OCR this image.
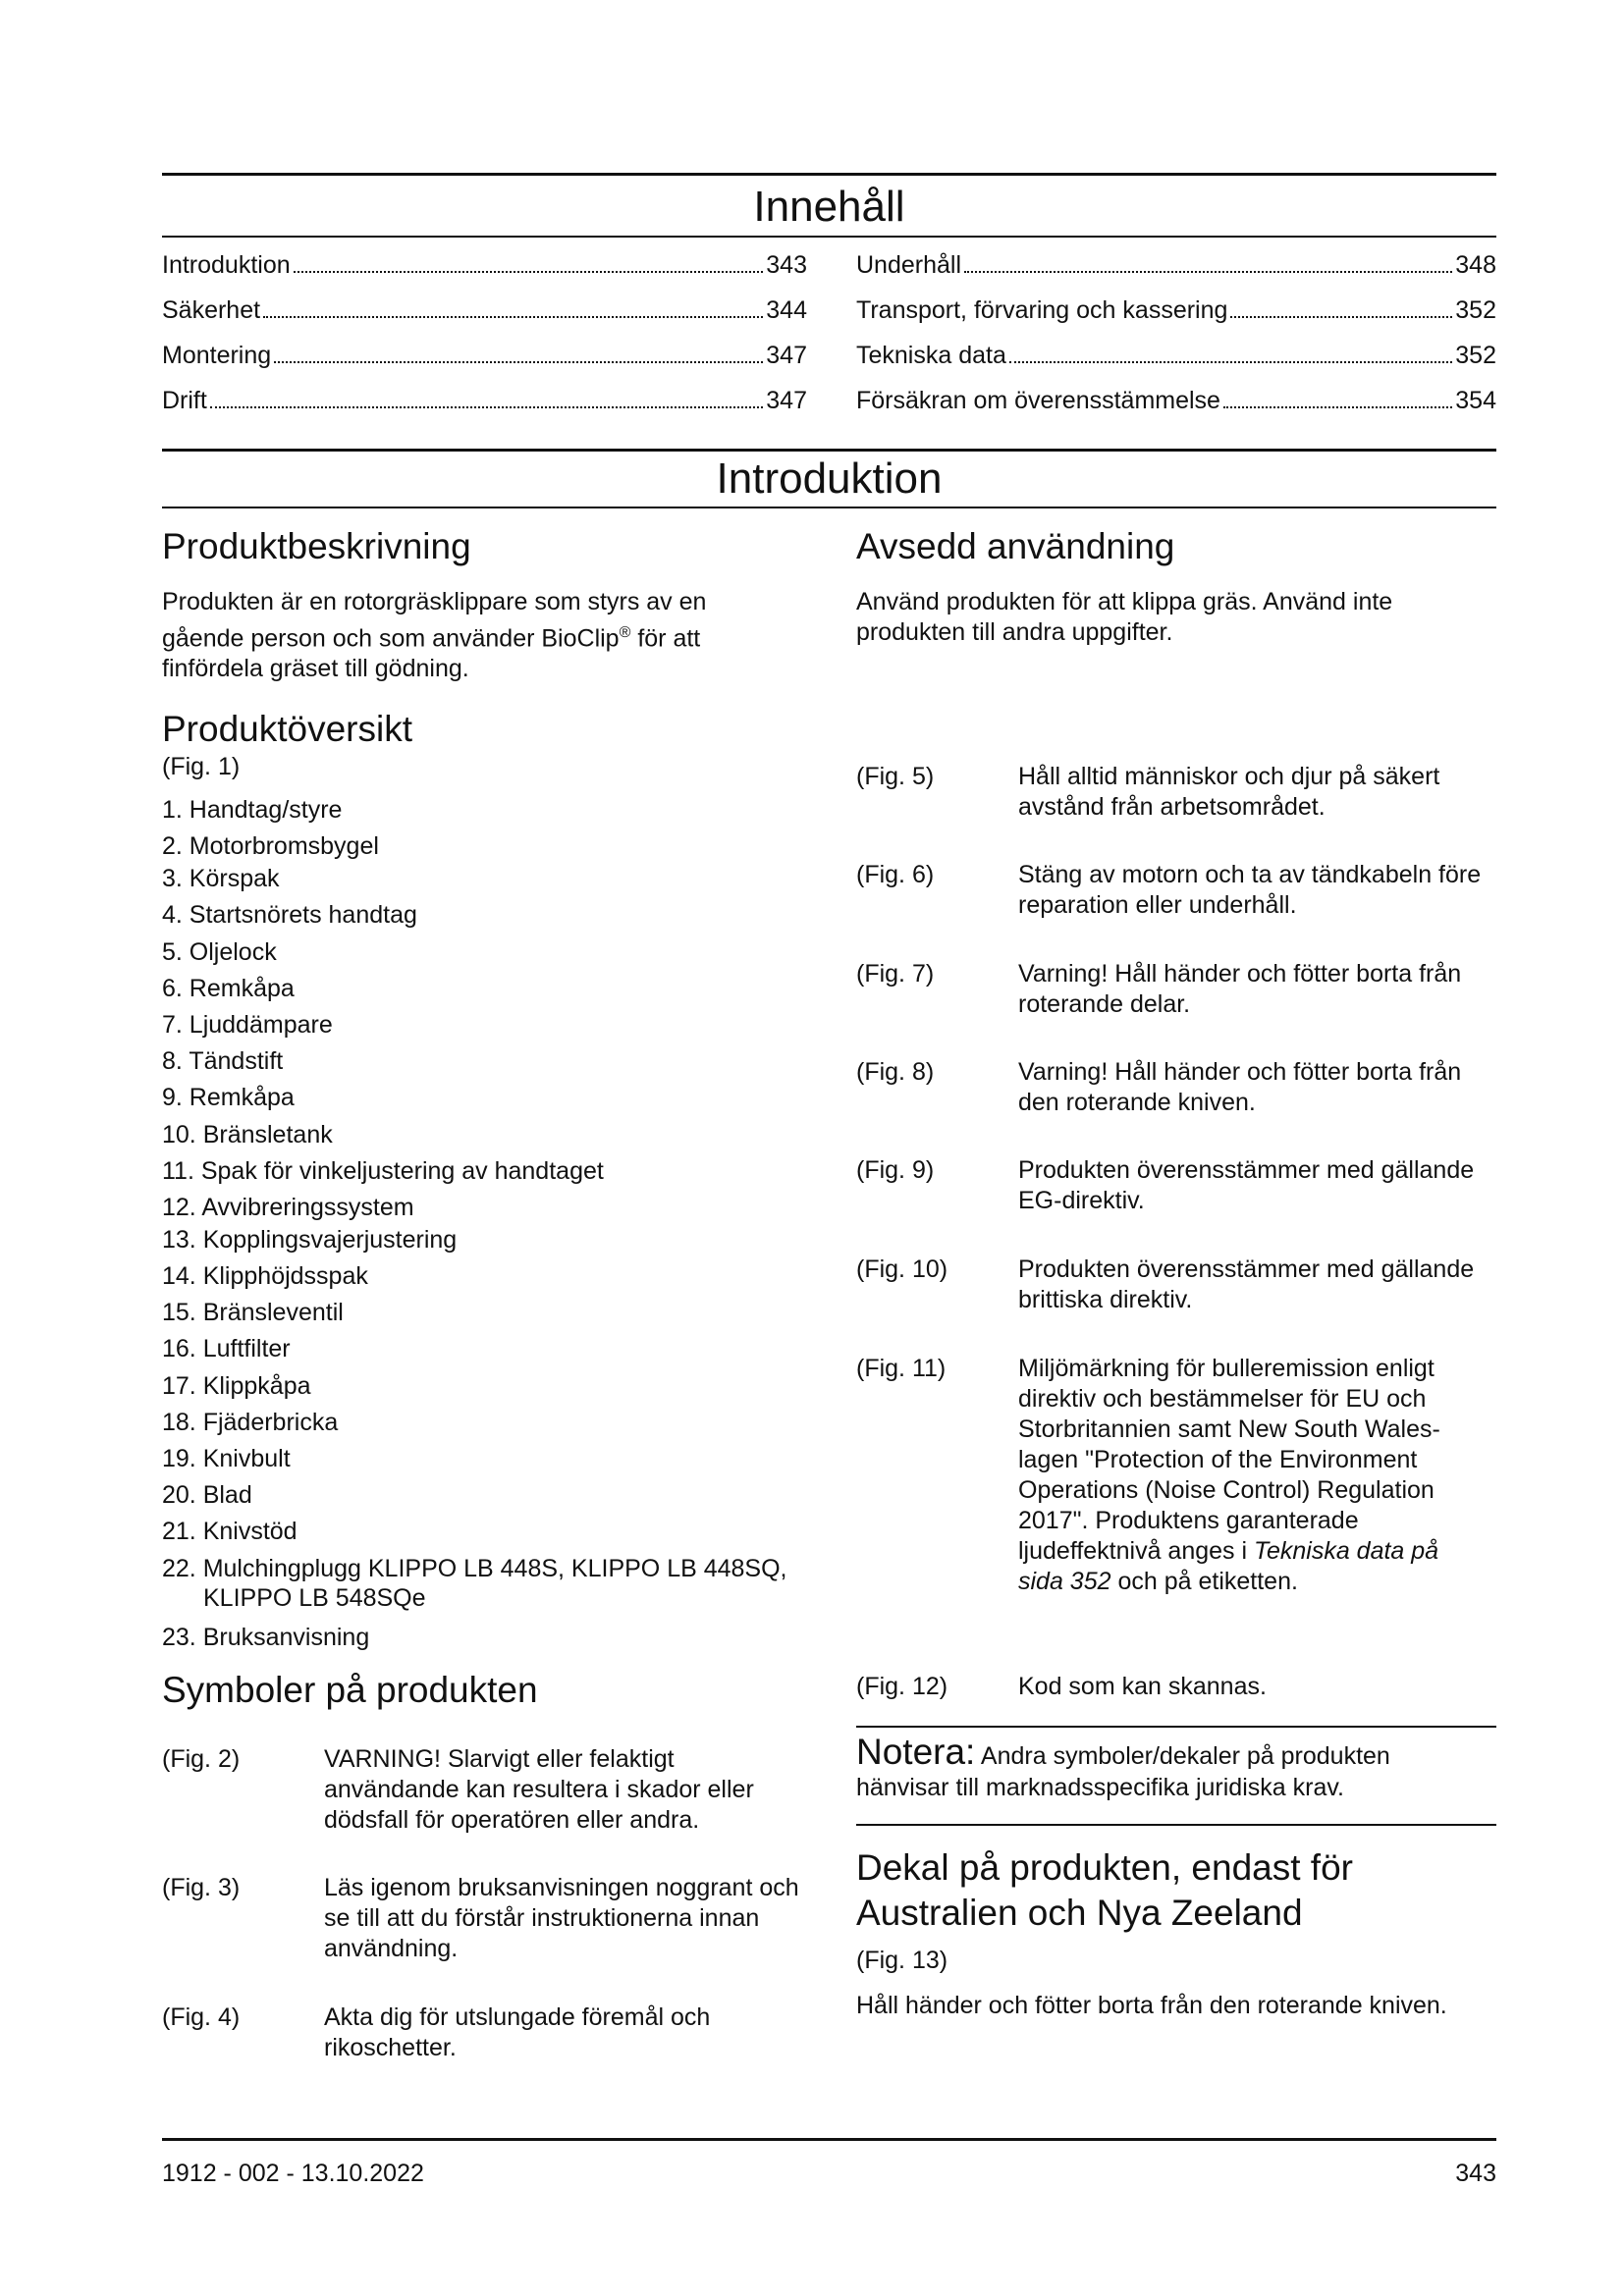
Innehåll
Introduktion	343
Säkerhet	344
Montering	347
Drift	347
Underhåll	348
Transport, förvaring och kassering	352
Tekniska data	352
Försäkran om överensstämmelse	354
Introduktion
Produktbeskrivning

Produkten är en rotorgräsklippare som styrs av en gående person och som använder BioClip® för att finfördela gräset till gödning.

Produktöversikt

(Fig. 1)

1. Handtag/styre
2. Motorbromsbygel
3. Körspak
4. Startsnörets handtag
5. Oljelock
6. Remkåpa
7. Ljuddämpare
8. Tändstift
9. Remkåpa
10. Bränsletank
11. Spak för vinkeljustering av handtaget
12. Avvibreringssystem
13. Kopplingsvajerjustering
14. Klipphöjdsspak
15. Bränsleventil
16. Luftfilter
17. Klippkåpa
18. Fjäderbricka
19. Knivbult
20. Blad
21. Knivstöd
22. Mulchingplugg KLIPPO LB 448S, KLIPPO LB 448SQ, KLIPPO LB 548SQe
23. Bruksanvisning
Symboler på produkten
(Fig. 2)	VARNING! Slarvigt eller felaktigt användande kan resultera i skador eller dödsfall för operatören eller andra.
(Fig. 3)	Läs igenom bruksanvisningen noggrant och se till att du förstår instruktionerna innan användning.
(Fig. 4)	Akta dig för utslungade föremål och rikoschetter.
Avsedd användning

Använd produkten för att klippa gräs. Använd inte produkten till andra uppgifter.

(Fig. 5)	Håll alltid människor och djur på säkert avstånd från arbetsområdet.
(Fig. 6)	Stäng av motorn och ta av tändkabeln före reparation eller underhåll.
(Fig. 7)	Varning! Håll händer och fötter borta från roterande delar.
(Fig. 8)	Varning! Håll händer och fötter borta från den roterande kniven.
(Fig. 9)	Produkten överensstämmer med gällande EG-direktiv.
(Fig. 10)	Produkten överensstämmer med gällande brittiska direktiv.
(Fig. 11)	Miljömärkning för bulleremission enligt direktiv och bestämmelser för EU och Storbritannien samt New South Wales-lagen "Protection of the Environment Operations (Noise Control) Regulation 2017". Produktens garanterade ljudeffektnivå anges i Tekniska data på sida 352 och på etiketten.
(Fig. 12)	Kod som kan skannas.

Notera: Andra symboler/dekaler på produkten hänvisar till marknadsspecifika juridiska krav.

Dekal på produkten, endast för Australien och Nya Zeeland

(Fig. 13)

Håll händer och fötter borta från den roterande kniven.

1912 - 002 - 13.10.2022	343
